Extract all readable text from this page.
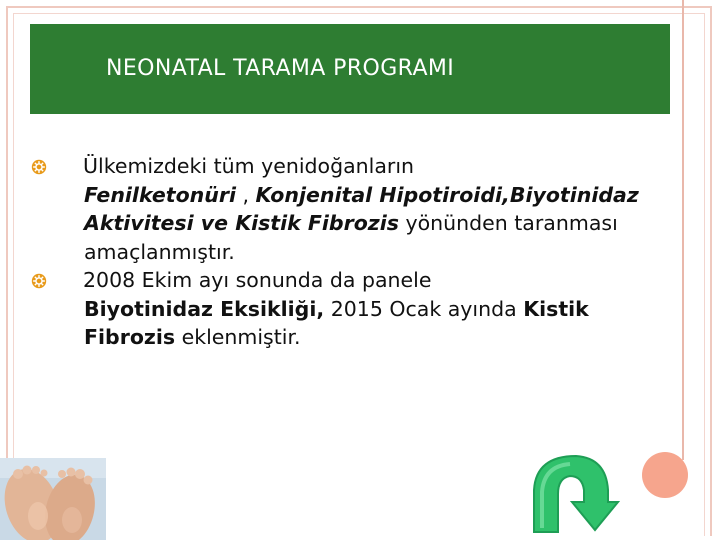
NEONATAL TARAMA PROGRAMI
Ülkemizdeki tüm yenidoğanların
Fenilketonüri , Konjenital Hipotiroidi,Biyotinidaz Aktivitesi ve Kistik Fibrozis yönünden taranması amaçlanmıştır.
2008 Ekim ayı sonunda da panele
Biyotinidaz Eksikliği, 2015 Ocak ayında Kistik Fibrozis eklenmiştir.
